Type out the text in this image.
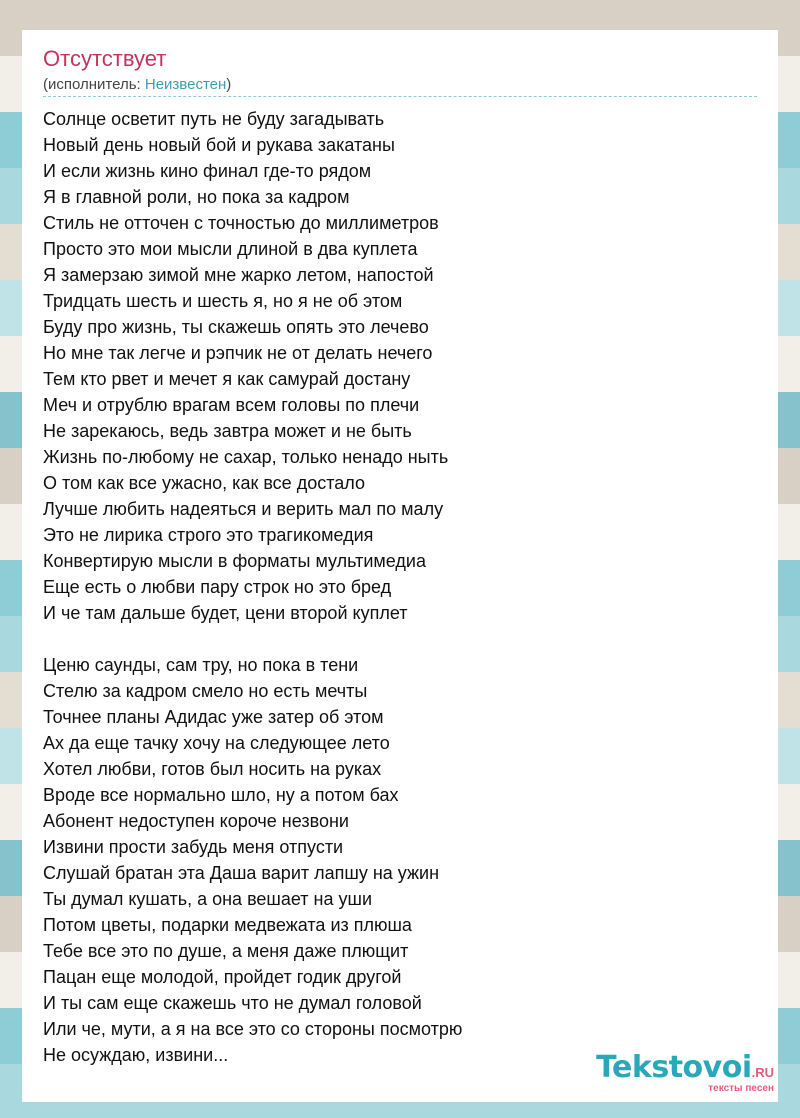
Отсутствует
(исполнитель: Неизвестен)
Солнце осветит путь не буду загадывать
Новый день новый бой и рукава закатаны
И если жизнь кино финал где-то рядом
Я в главной роли, но пока за кадром
Стиль не отточен с точностью до миллиметров
Просто это мои мысли длиной в два куплета
Я замерзаю зимой мне жарко летом, напостой
Тридцать шесть и шесть я, но я не об этом
Буду про жизнь, ты скажешь опять это лечево
Но мне так легче и рэпчик не от делать нечего
Тем кто рвет и мечет я как самурай достану
Меч и отрублю врагам всем головы по плечи
Не зарекаюсь, ведь завтра может и не быть
Жизнь по-любому не сахар, только ненадо ныть
О том как все ужасно, как все достало
Лучше любить надеяться и верить мал по малу
Это не лирика строго это трагикомедия
Конвертирую мысли в форматы мультимедиа
Еще есть о любви пару строк но это бред
И че там дальше будет, цени второй куплет
Ценю саунды, сам тру, но пока в тени
Стелю за кадром смело но есть мечты
Точнее планы Адидас уже затер об этом
Ах да еще тачку хочу на следующее лето
Хотел любви, готов был носить на руках
Вроде все нормально шло, ну а потом бах
Абонент недоступен короче незвони
Извини прости забудь меня отпусти
Слушай братан эта Даша варит лапшу на ужин
Ты думал кушать, а она вешает на уши
Потом цветы, подарки медвежата из плюша
Тебе все это по душе, а меня даже плющит
Пацан еще молодой, пройдет годик другой
И ты сам еще скажешь что не думал головой
Или че, мути, а я на все это со стороны посмотрю
Не осуждаю, извини...	Tekstovoi.RU
тексты песен
